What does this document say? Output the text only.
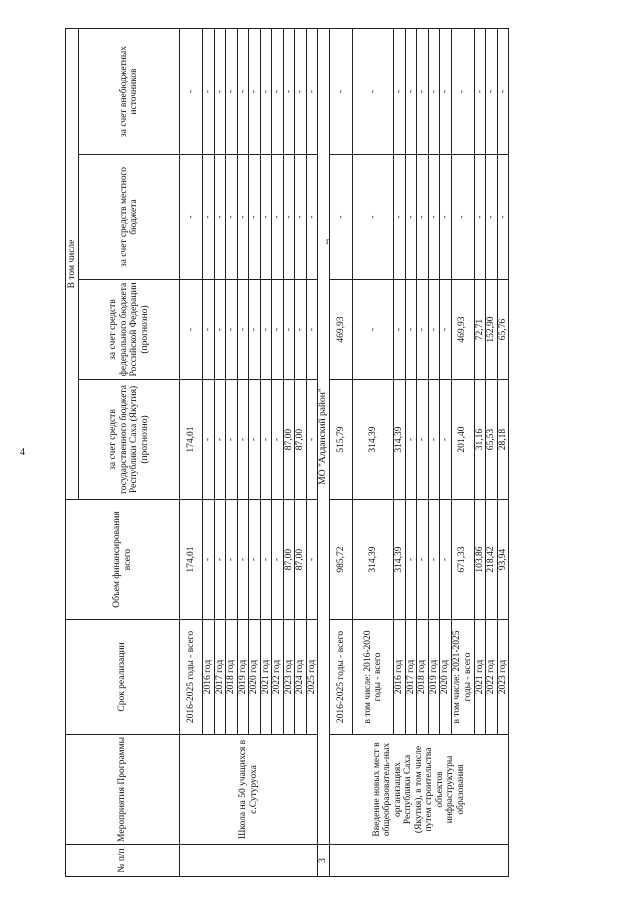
4
г
№ п/п	Мероприятия Программы	Срок реализации	Объем финансирования всего	В том числе			
				за счет средств государственного бюджета Республики Саха (Якутия) (прогнозно)	за счет средств федерального бюджета Российской Федерации (прогнозно)	за счет средств местного бюджета	за счет внебюджетных источников
	Школа на 50 учащихся в с.Сутуруоха	2016-2025 годы - всего	174,01	174,01	-	-	-
		2016 год	-	-	-	-	-
		2017 год	-	-	-	-	-
		2018 год	-	-	-	-	-
		2019 год	-	-	-	-	-
		2020 год	-	-	-	-	-
		2021 год	-	-	-	-	-
		2022 год	-	-	-	-	-
		2023 год	87,00	87,00	-	-	-
		2024 год	87,00	87,00	-	-	-
		2025 год	-	-	-	-	-
3	МО "Алданский район"						
	Введение новых мест в общеобразователь-ных организациях Республики Саха (Якутия), в том числе путем строительства объектов инфраструктуры образования	2016-2025 годы - всего	985,72	515,79	469,93	-	-
		в том числе: 2016-2020 годы - всего	314,39	314,39	-	-	-
		2016 год	314,39	314,39	-	-	-
		2017 год	-	-	-	-	-
		2018 год	-	-	-	-	-
		2019 год	-	-	-	-	-
		2020 год	-	-	-	-	-
		в том числе: 2021-2025 годы - всего	671,33	201,40	469,93	-	-
		2021 год	103,86	31,16	72,71	-	-
		2022 год	218,42	65,53	152,90	-	-
		2023 год	93,94	28,18	65,76	-	-
